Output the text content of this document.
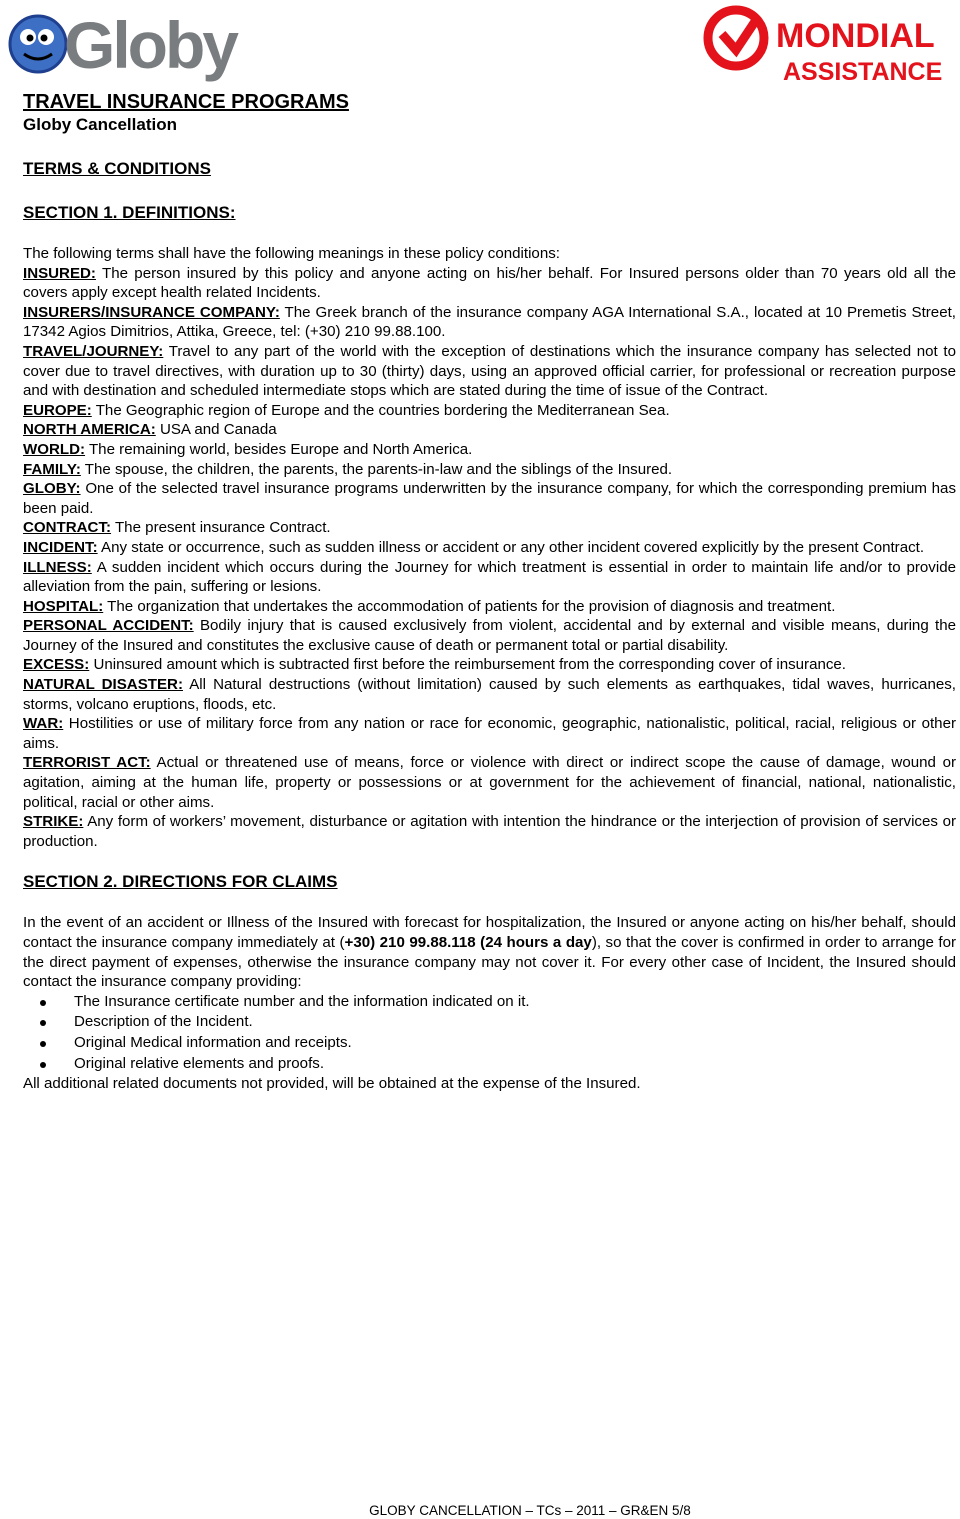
Globy	MONDIAL
ASSISTANCE

TRAVEL INSURANCE PROGRAMS

Globy Cancellation

TERMS & CONDITIONS

SECTION 1. DEFINITIONS:

The following terms shall have the following meanings in these policy conditions:

INSURED: The person insured by this policy and anyone acting on his/her behalf. For Insured persons older than 70 years old all the covers apply except health related Incidents.

INSURERS/INSURANCE COMPANY: The Greek branch of the insurance company AGA International S.A., located at 10 Premetis Street, 17342 Agios Dimitrios, Attika, Greece, tel: (+30) 210 99.88.100.

TRAVEL/JOURNEY: Travel to any part of the world with the exception of destinations which the insurance company has selected not to cover due to travel directives, with duration up to 30 (thirty) days, using an approved official carrier, for professional or recreation purpose and with destination and scheduled intermediate stops which are stated during the time of issue of the Contract.

EUROPE: The Geographic region of Europe and the countries bordering the Mediterranean Sea.

NORTH AMERICA: USA and Canada

WORLD: The remaining world, besides Europe and North America.

FAMILY: The spouse, the children, the parents, the parents-in-law and the siblings of the Insured.

GLOBY: One of the selected travel insurance programs underwritten by the insurance company, for which the corresponding premium has been paid.

CONTRACT: The present insurance Contract.

INCIDENT: Any state or occurrence, such as sudden illness or accident or any other incident covered explicitly by the present Contract.

ILLNESS: A sudden incident which occurs during the Journey for which treatment is essential in order to maintain life and/or to provide alleviation from the pain, suffering or lesions.

HOSPITAL: The organization that undertakes the accommodation of patients for the provision of diagnosis and treatment.

PERSONAL ACCIDENT: Bodily injury that is caused exclusively from violent, accidental and by external and visible means, during the Journey of the Insured and constitutes the exclusive cause of death or permanent total or partial disability.

EXCESS: Uninsured amount which is subtracted first before the reimbursement from the corresponding cover of insurance.

NATURAL DISASTER: All Natural destructions (without limitation) caused by such elements as earthquakes, tidal waves, hurricanes, storms, volcano eruptions, floods, etc.

WAR: Hostilities or use of military force from any nation or race for economic, geographic, nationalistic, political, racial, religious or other aims.

TERRORIST ACT: Actual or threatened use of means, force or violence with direct or indirect scope the cause of damage, wound or agitation, aiming at the human life, property or possessions or at government for the achievement of financial, national, nationalistic, political, racial or other aims.

STRIKE: Any form of workers’ movement, disturbance or agitation with intention the hindrance or the interjection of provision of services or production.

SECTION 2. DIRECTIONS FOR CLAIMS

In the event of an accident or Illness of the Insured with forecast for hospitalization, the Insured or anyone acting on his/her behalf, should contact the insurance company immediately at (+30) 210 99.88.118 (24 hours a day), so that the cover is confirmed in order to arrange for the direct payment of expenses, otherwise the insurance company may not cover it. For every other case of Incident, the Insured should contact the insurance company providing:

The Insurance certificate number and the information indicated on it.
Description of the Incident.
Original Medical information and receipts.
Original relative elements and proofs.

All additional related documents not provided, will be obtained at the expense of the Insured.

GLOBY CANCELLATION – TCs – 2011 – GR&EN 5/8
